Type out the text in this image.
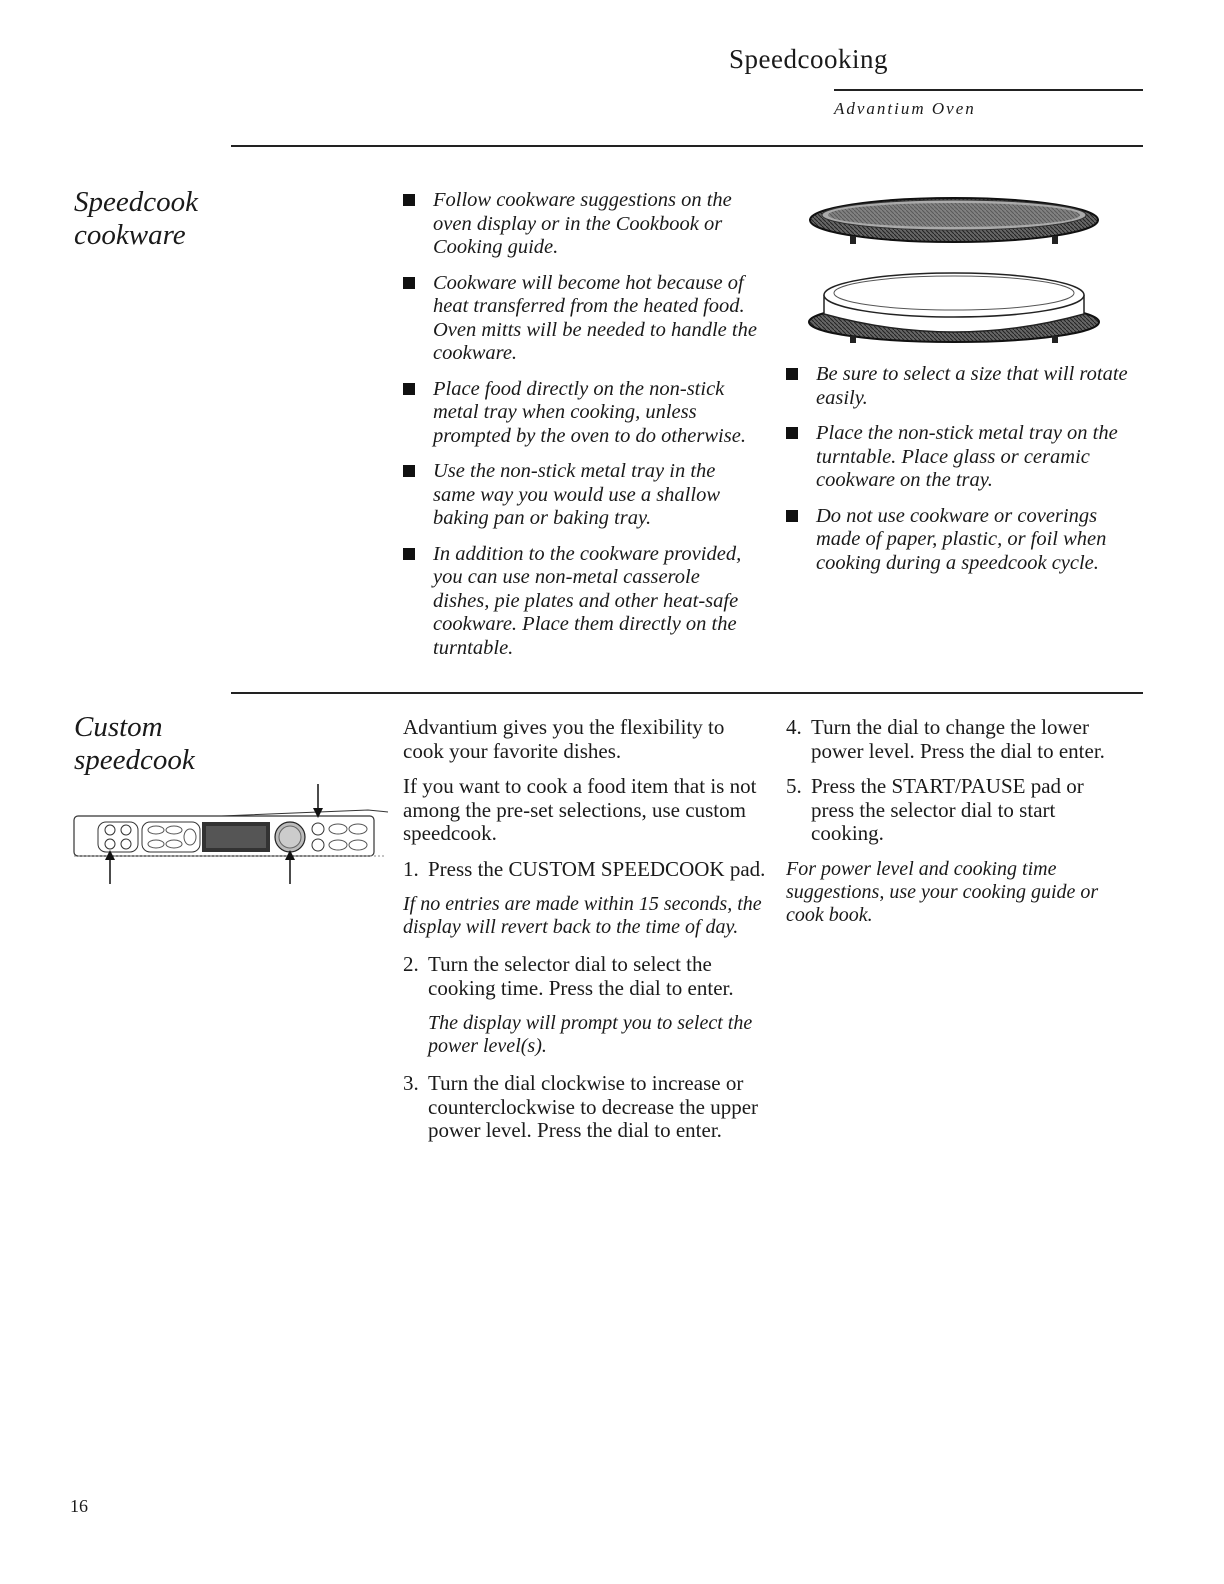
Speedcooking
Advantium Oven
Speedcook
cookware
Follow cookware suggestions on the oven display or in the Cookbook or Cooking guide.
Cookware will become hot because of heat transferred from the heated food. Oven mitts will be needed to handle the cookware.
Place food directly on the non-stick metal tray when cooking, unless prompted by the oven to do otherwise.
Use the non-stick metal tray in the same way you would use a shallow baking pan or baking tray.
In addition to the cookware provided, you can use non-metal casserole dishes, pie plates and other heat-safe cookware. Place them directly on the turntable.
Be sure to select a size that will rotate easily.
Place the non-stick metal tray on the turntable. Place glass or ceramic cookware on the tray.
Do not use cookware or coverings made of paper, plastic, or foil when cooking during a speedcook cycle.
Custom
speedcook

Advantium gives you the flexibility to cook your favorite dishes.

If you want to cook a food item that is not among the pre-set selections, use custom speedcook.

1. Press the CUSTOM SPEEDCOOK pad.

If no entries are made within 15 seconds, the display will revert back to the time of day.

2. Turn the selector dial to select the cooking time. Press the dial to enter.
The display will prompt you to select the power level(s).
3. Turn the dial clockwise to increase or counterclockwise to decrease the upper power level. Press the dial to enter.
4. Turn the dial to change the lower power level. Press the dial to enter.
5. Press the START/PAUSE pad or press the selector dial to start cooking.

For power level and cooking time suggestions, use your cooking guide or cook book.

16
